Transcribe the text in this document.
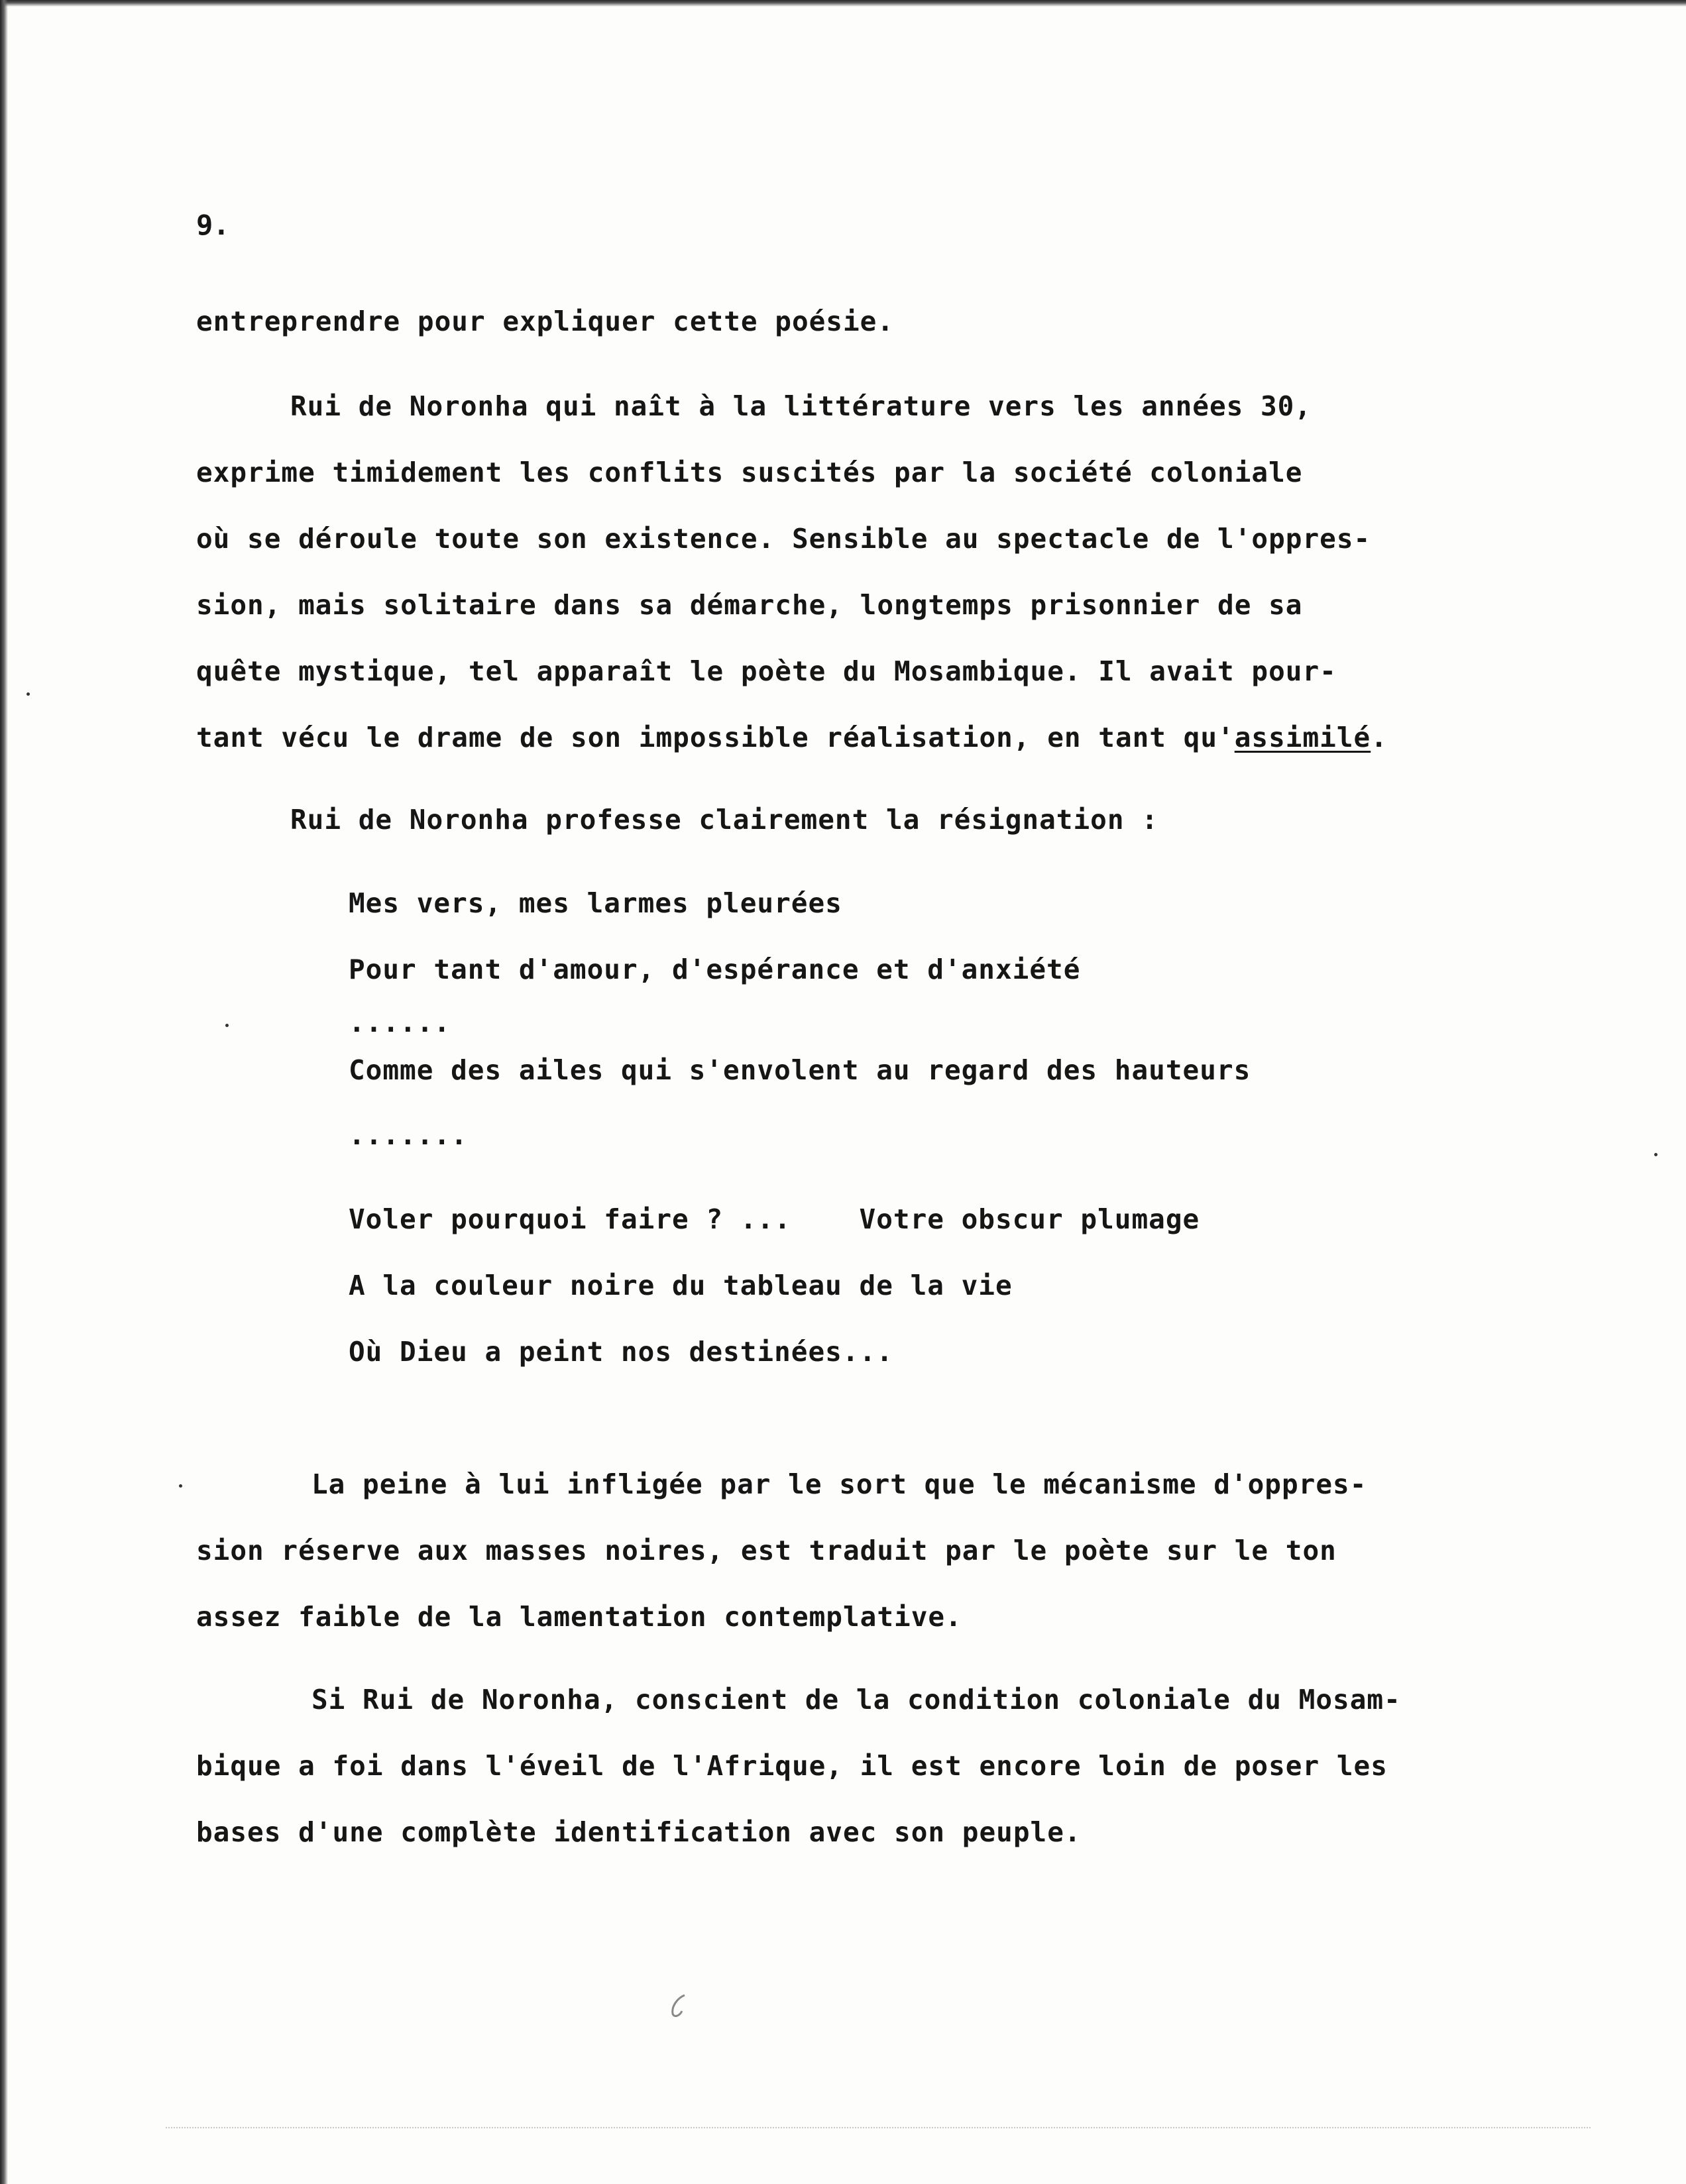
9.
entreprendre pour expliquer cette poésie.
Rui de Noronha qui naît à la littérature vers les années 30,
exprime timidement les conflits suscités par la société coloniale
où se déroule toute son existence. Sensible au spectacle de l'oppres-
sion, mais solitaire dans sa démarche, longtemps prisonnier de sa
quête mystique, tel apparaît le poète du Mosambique. Il avait pour-
tant vécu le drame de son impossible réalisation, en tant qu'assimilé.
Rui de Noronha professe clairement la résignation :
Mes vers, mes larmes pleurées
Pour tant d'amour, d'espérance et d'anxiété
......
Comme des ailes qui s'envolent au regard des hauteurs
.......
Voler pourquoi faire ? ...    Votre obscur plumage
A la couleur noire du tableau de la vie
Où Dieu a peint nos destinées...
La peine à lui infligée par le sort que le mécanisme d'oppres-
sion réserve aux masses noires, est traduit par le poète sur le ton
assez faible de la lamentation contemplative.
Si Rui de Noronha, conscient de la condition coloniale du Mosam-
bique a foi dans l'éveil de l'Afrique, il est encore loin de poser les
bases d'une complète identification avec son peuple.
